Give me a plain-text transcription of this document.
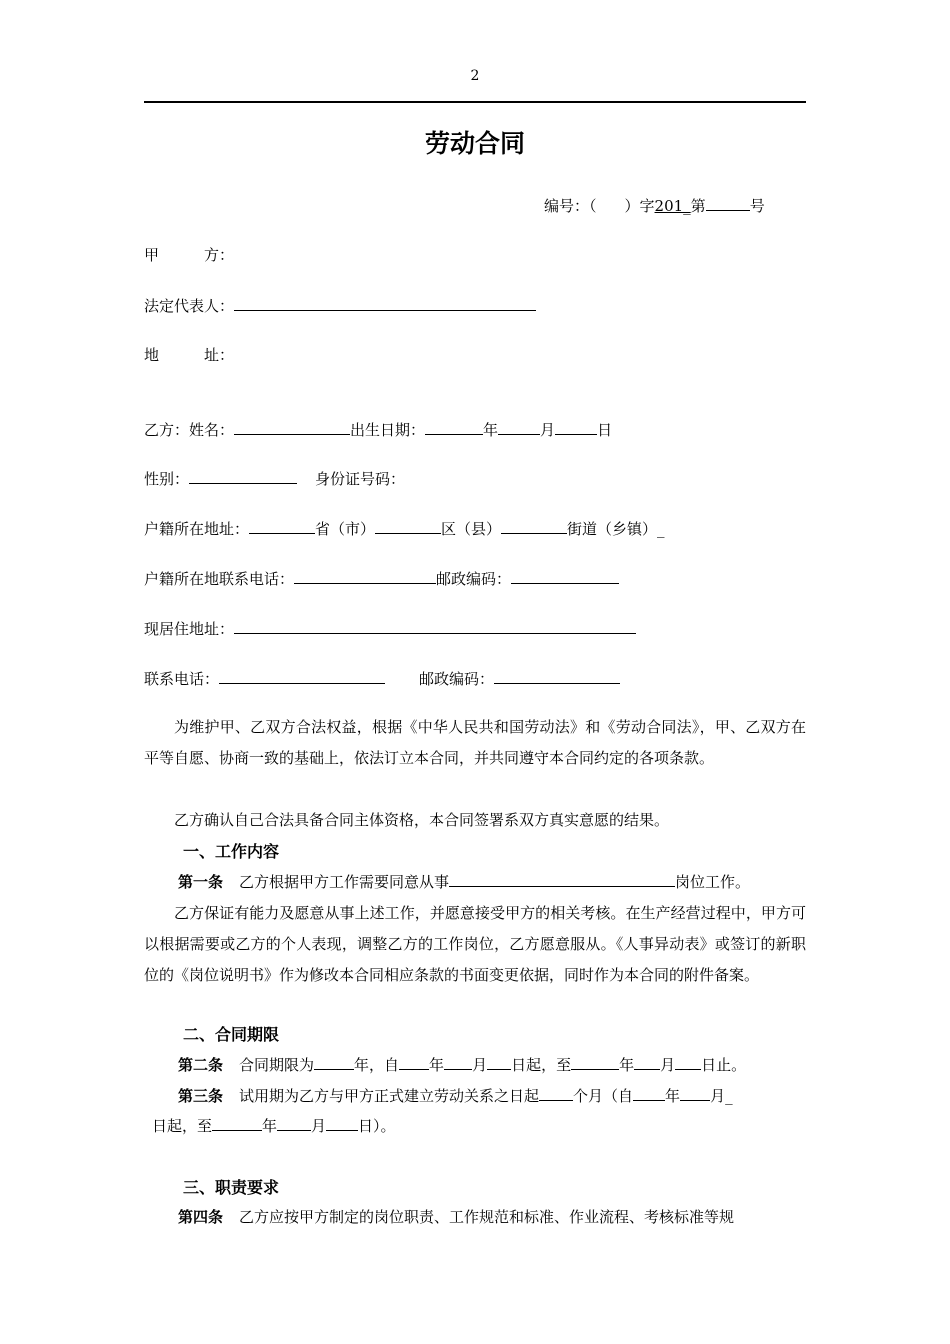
2
劳动合同
编号：（ ）字201_第	号
甲　　　方：
法定代表人：
地　　　址：
乙方：姓名：	出生日期：	年	月	日
性别：	身份证号码：
户籍所在地址：	省（市）	区（县）	街道（乡镇）_
户籍所在地联系电话：	邮政编码：
现居住地址：
联系电话：	邮政编码：
为维护甲、乙双方合法权益，根据《中华人民共和国劳动法》和《劳动合同法》，甲、乙双方在平等自愿、协商一致的基础上，依法订立本合同，并共同遵守本合同约定的各项条款。
乙方确认自己合法具备合同主体资格，本合同签署系双方真实意愿的结果。
一、工作内容
第一条 乙方根据甲方工作需要同意从事	岗位工作。
乙方保证有能力及愿意从事上述工作，并愿意接受甲方的相关考核。在生产经营过程中，甲方可以根据需要或乙方的个人表现，调整乙方的工作岗位，乙方愿意服从。《人事异动表》或签订的新职位的《岗位说明书》作为修改本合同相应条款的书面变更依据，同时作为本合同的附件备案。
二、合同期限
第二条 合同期限为	年，自 年 月 日起，至	年 月 日止。
第三条 试用期为乙方与甲方正式建立劳动关系之日起 个月（自 年 月_
日起，至	年 月 日）。
三、职责要求
第四条 乙方应按甲方制定的岗位职责、工作规范和标准、作业流程、考核标准等规
